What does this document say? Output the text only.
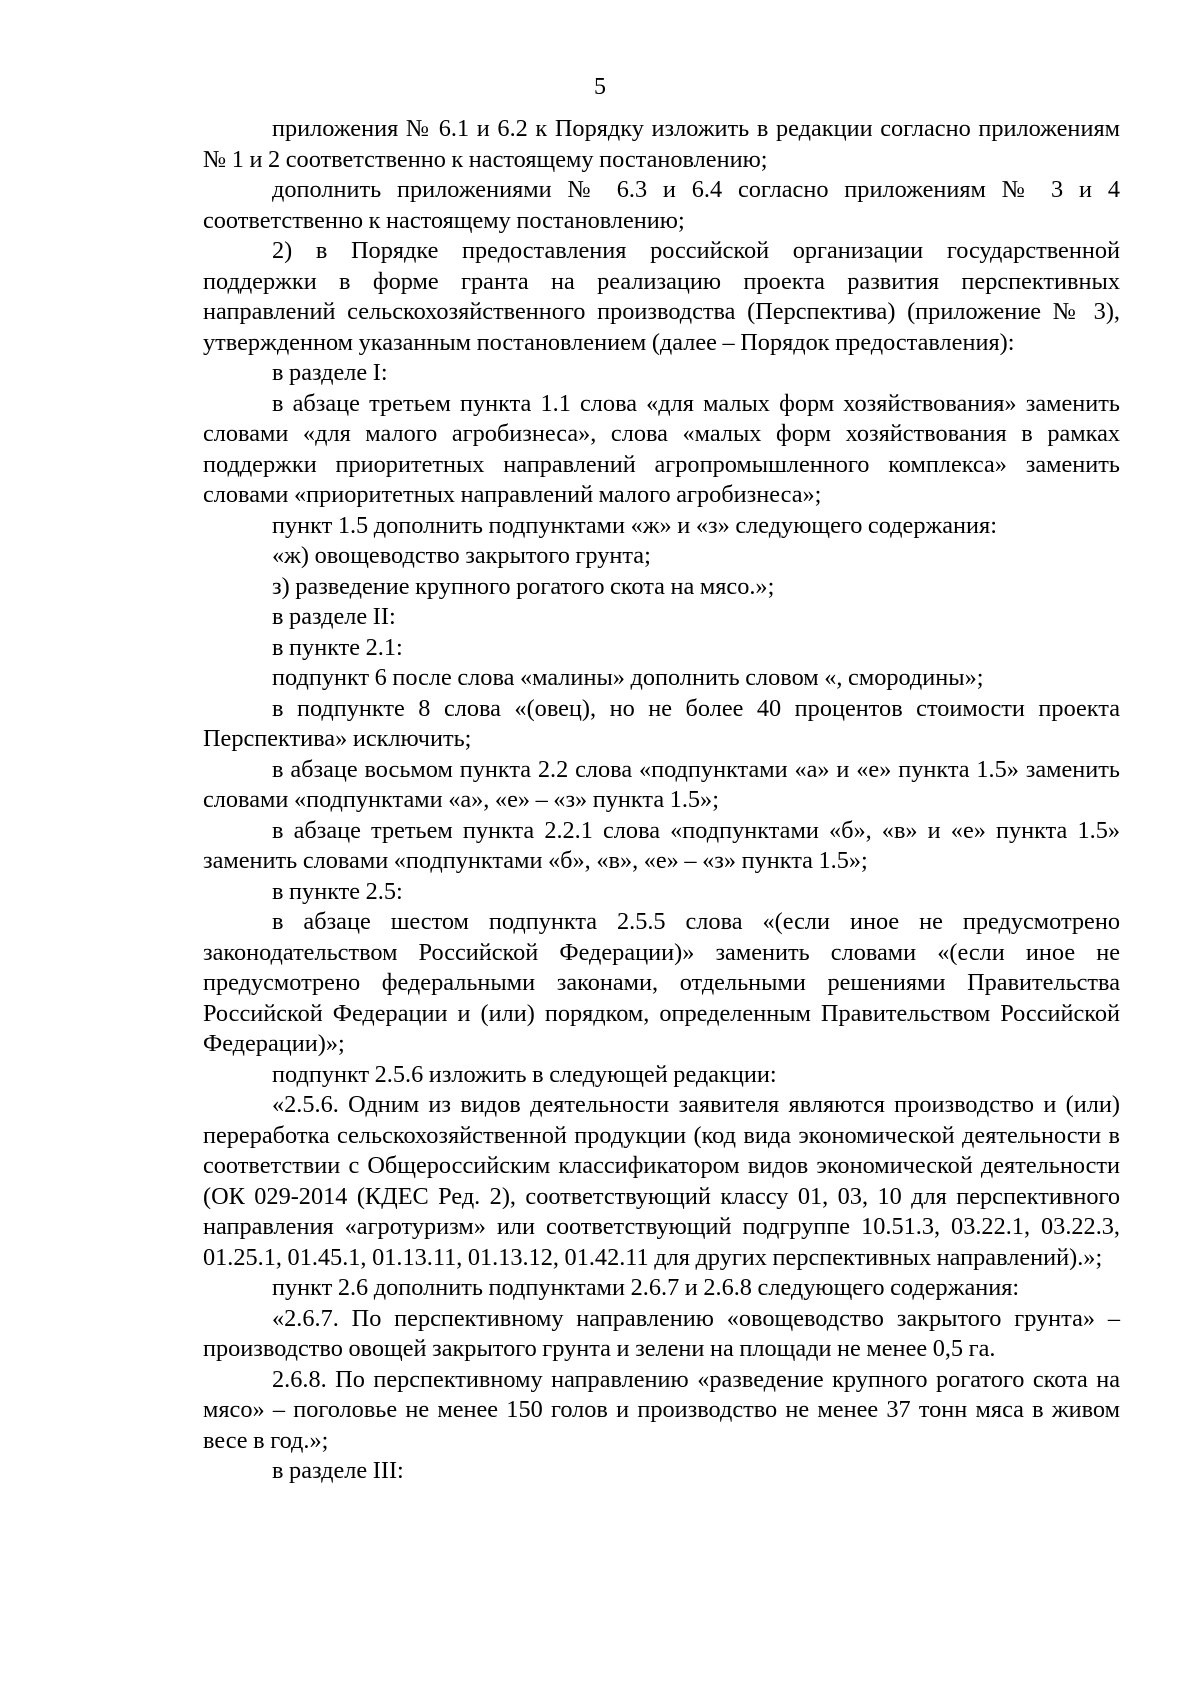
5

приложения № 6.1 и 6.2 к Порядку изложить в редакции согласно приложениям № 1 и 2 соответственно к настоящему постановлению;

дополнить приложениями № 6.3 и 6.4 согласно приложениям № 3 и 4 соответственно к настоящему постановлению;

2) в Порядке предоставления российской организации государственной поддержки в форме гранта на реализацию проекта развития перспективных направлений сельскохозяйственного производства (Перспектива) (приложение № 3), утвержденном указанным постановлением (далее – Порядок предоставления):

в разделе I:

в абзаце третьем пункта 1.1 слова «для малых форм хозяйствования» заменить словами «для малого агробизнеса», слова «малых форм хозяйствования в рамках поддержки приоритетных направлений агропромышленного комплекса» заменить словами «приоритетных направлений малого агробизнеса»;

пункт 1.5 дополнить подпунктами «ж» и «з» следующего содержания:

«ж) овощеводство закрытого грунта;

з) разведение крупного рогатого скота на мясо.»;

в разделе II:

в пункте 2.1:

подпункт 6 после слова «малины» дополнить словом «, смородины»;

в подпункте 8 слова «(овец), но не более 40 процентов стоимости проекта Перспектива» исключить;

в абзаце восьмом пункта 2.2 слова «подпунктами «а» и «е» пункта 1.5» заменить словами «подпунктами «а», «е» – «з» пункта 1.5»;

в абзаце третьем пункта 2.2.1 слова «подпунктами «б», «в» и «е» пункта 1.5» заменить словами «подпунктами «б», «в», «е» – «з» пункта 1.5»;

в пункте 2.5:

в абзаце шестом подпункта 2.5.5 слова «(если иное не предусмотрено законодательством Российской Федерации)» заменить словами «(если иное не предусмотрено федеральными законами, отдельными решениями Правительства Российской Федерации и (или) порядком, определенным Правительством Российской Федерации)»;

подпункт 2.5.6 изложить в следующей редакции:

«2.5.6. Одним из видов деятельности заявителя являются производство и (или) переработка сельскохозяйственной продукции (код вида экономической деятельности в соответствии с Общероссийским классификатором видов экономической деятельности (ОК 029-2014 (КДЕС Ред. 2), соответствующий классу 01, 03, 10 для перспективного направления «агротуризм» или соответствующий подгруппе 10.51.3, 03.22.1, 03.22.3, 01.25.1, 01.45.1, 01.13.11, 01.13.12, 01.42.11 для других перспективных направлений).»;

пункт 2.6 дополнить подпунктами 2.6.7 и 2.6.8 следующего содержания:

«2.6.7. По перспективному направлению «овощеводство закрытого грунта» – производство овощей закрытого грунта и зелени на площади не менее 0,5 га.

2.6.8. По перспективному направлению «разведение крупного рогатого скота на мясо» – поголовье не менее 150 голов и производство не менее 37 тонн мяса в живом весе в год.»;

в разделе III:
